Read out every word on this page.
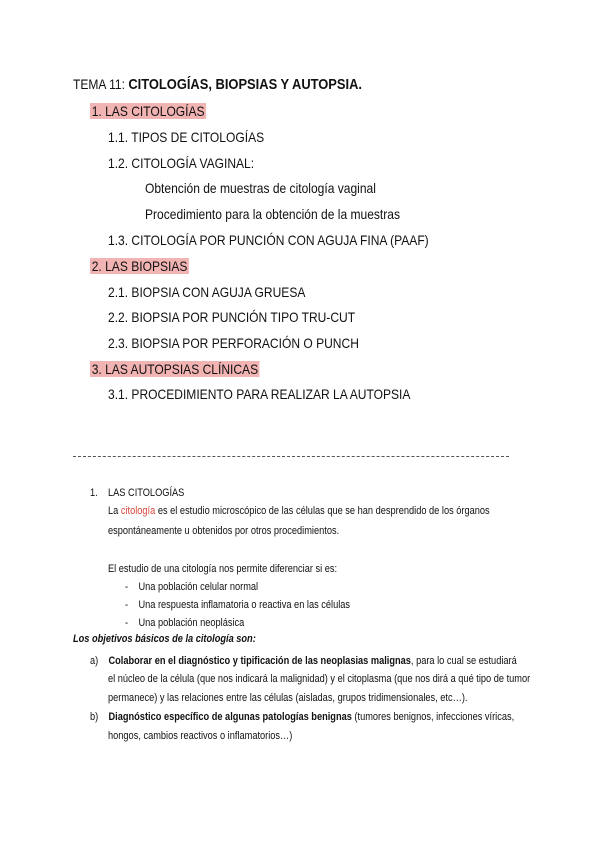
TEMA 11: CITOLOGÍAS, BIOPSIAS Y AUTOPSIA.
1. LAS CITOLOGÍAS
1.1. TIPOS DE CITOLOGÍAS
1.2. CITOLOGÍA VAGINAL:
Obtención de muestras de citología vaginal
Procedimiento para la obtención de la muestras
1.3. CITOLOGÍA POR PUNCIÓN CON AGUJA FINA (PAAF)
2. LAS BIOPSIAS
2.1. BIOPSIA CON AGUJA GRUESA
2.2. BIOPSIA POR PUNCIÓN TIPO TRU-CUT
2.3. BIOPSIA POR PERFORACIÓN O PUNCH
3. LAS AUTOPSIAS CLÍNICAS
3.1. PROCEDIMIENTO PARA REALIZAR LA AUTOPSIA
1. LAS CITOLOGÍAS
La citología es el estudio microscópico de las células que se han desprendido de los órganos
espontáneamente u obtenidos por otros procedimientos.
El estudio de una citología nos permite diferenciar si es:
- Una población celular normal
- Una respuesta inflamatoria o reactiva en las células
- Una población neoplásica
Los objetivos básicos de la citología son:
a) Colaborar en el diagnóstico y tipificación de las neoplasias malignas, para lo cual se estudiará
el núcleo de la célula (que nos indicará la malignidad) y el citoplasma (que nos dirá a qué tipo de tumor
permanece) y las relaciones entre las células (aisladas, grupos tridimensionales, etc…).
b) Diagnóstico específico de algunas patologías benignas (tumores benignos, infecciones víricas,
hongos, cambios reactivos o inflamatorios…)
